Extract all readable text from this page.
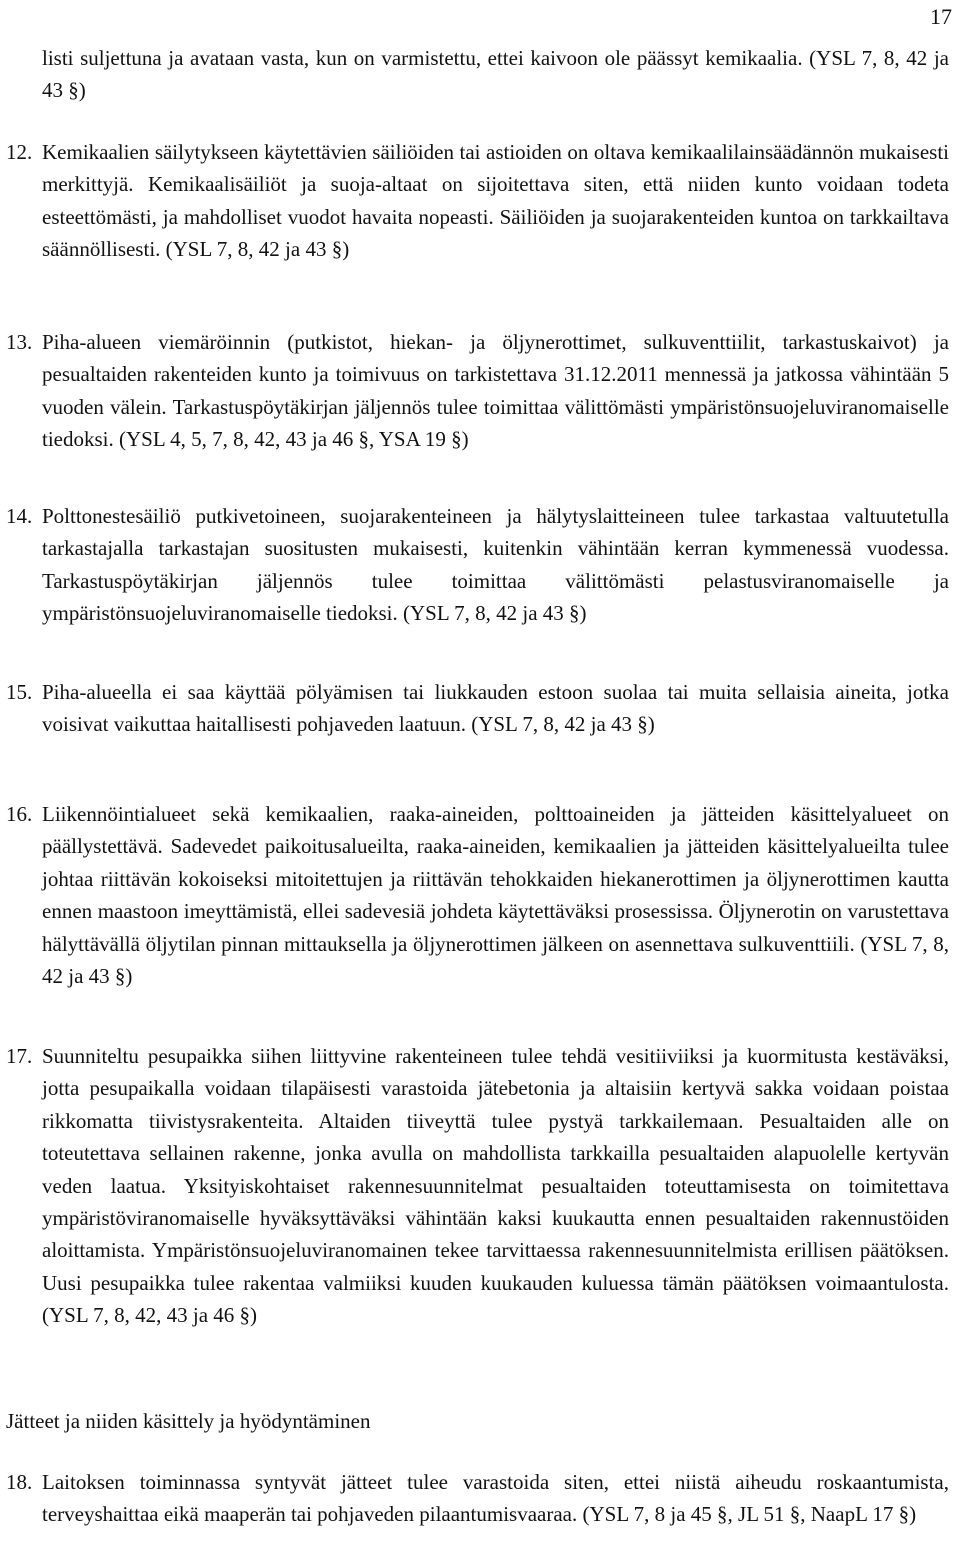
17

listi suljettuna ja avataan vasta, kun on varmistettu, ettei kaivoon ole päässyt kemikaalia. (YSL 7, 8, 42 ja 43 §)

12. Kemikaalien säilytykseen käytettävien säiliöiden tai astioiden on oltava kemikaalilainsäädännön mukaisesti merkittyjä. Kemikaalisäiliöt ja suoja-altaat on sijoitettava siten, että niiden kunto voidaan todeta esteettömästi, ja mahdolliset vuodot havaita nopeasti. Säiliöiden ja suojarakenteiden kuntoa on tarkkailtava säännöllisesti. (YSL 7, 8, 42 ja 43 §)
13. Piha-alueen viemäröinnin (putkistot, hiekan- ja öljynerottimet, sulkuventtiilit, tarkastuskaivot) ja pesualtaiden rakenteiden kunto ja toimivuus on tarkistettava 31.12.2011 mennessä ja jatkossa vähintään 5 vuoden välein. Tarkastuspöytäkirjan jäljennös tulee toimittaa välittömästi ympäristönsuojeluviranomaiselle tiedoksi. (YSL 4, 5, 7, 8, 42, 43 ja 46 §, YSA 19 §)
14. Polttonestesäiliö putkivetoineen, suojarakenteineen ja hälytyslaitteineen tulee tarkastaa valtuutetulla tarkastajalla tarkastajan suositusten mukaisesti, kuitenkin vähintään kerran kymmenessä vuodessa. Tarkastuspöytäkirjan jäljennös tulee toimittaa välittömästi pelastusviranomaiselle ja ympäristönsuojeluviranomaiselle tiedoksi. (YSL 7, 8, 42 ja 43 §)
15. Piha-alueella ei saa käyttää pölyämisen tai liukkauden estoon suolaa tai muita sellaisia aineita, jotka voisivat vaikuttaa haitallisesti pohjaveden laatuun. (YSL 7, 8, 42 ja 43 §)
16. Liikennöintialueet sekä kemikaalien, raaka-aineiden, polttoaineiden ja jätteiden käsittelyalueet on päällystettävä. Sadevedet paikoitusalueilta, raaka-aineiden, kemikaalien ja jätteiden käsittelyalueilta tulee johtaa riittävän kokoiseksi mitoitettujen ja riittävän tehokkaiden hiekanerottimen ja öljynerottimen kautta ennen maastoon imeyttämistä, ellei sadevesiä johdeta käytettäväksi prosessissa. Öljynerotin on varustettava hälyttävällä öljytilan pinnan mittauksella ja öljynerottimen jälkeen on asennettava sulkuventtiili. (YSL 7, 8, 42 ja 43 §)
17. Suunniteltu pesupaikka siihen liittyvine rakenteineen tulee tehdä vesitiiviiksi ja kuormitusta kestäväksi, jotta pesupaikalla voidaan tilapäisesti varastoida jätebetonia ja altaisiin kertyvä sakka voidaan poistaa rikkomatta tiivistysrakenteita. Altaiden tiiveyttä tulee pystyä tarkkailemaan. Pesualtaiden alle on toteutettava sellainen rakenne, jonka avulla on mahdollista tarkkailla pesualtaiden alapuolelle kertyvän veden laatua. Yksityiskohtaiset rakennesuunnitelmat pesualtaiden toteuttamisesta on toimitettava ympäristöviranomaiselle hyväksyttäväksi vähintään kaksi kuukautta ennen pesualtaiden rakennustöiden aloittamista. Ympäristönsuojeluviranomainen tekee tarvittaessa rakennesuunnitelmista erillisen päätöksen. Uusi pesupaikka tulee rakentaa valmiiksi kuuden kuukauden kuluessa tämän päätöksen voimaantulosta. (YSL 7, 8, 42, 43 ja 46 §)

Jätteet ja niiden käsittely ja hyödyntäminen

18. Laitoksen toiminnassa syntyvät jätteet tulee varastoida siten, ettei niistä aiheudu roskaantumista, terveyshaittaa eikä maaperän tai pohjaveden pilaantumisvaaraa. (YSL 7, 8 ja 45 §, JL 51 §, NaapL 17 §)
